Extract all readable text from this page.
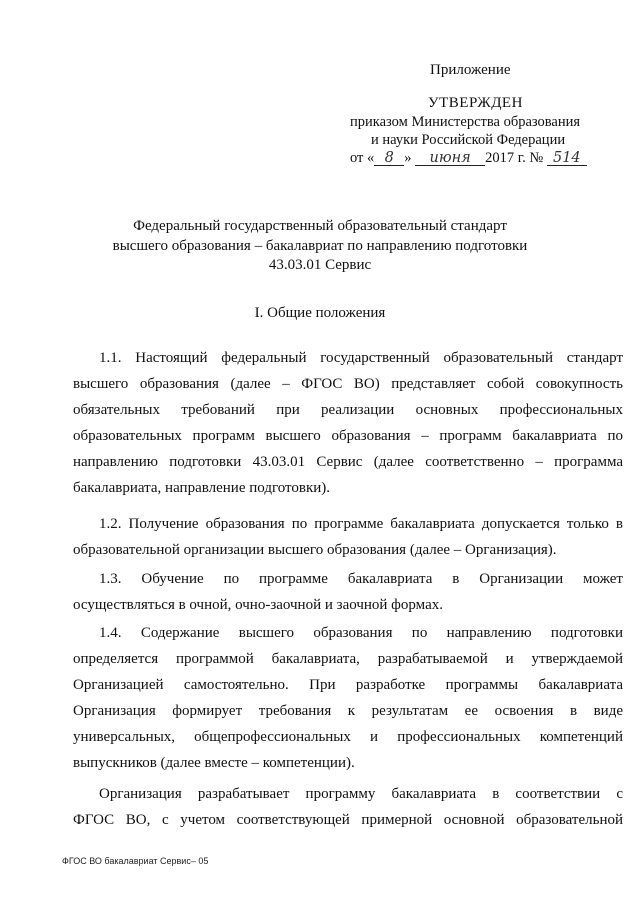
Приложение
УТВЕРЖДЕН
приказом Министерства образования
и науки Российской Федерации
от « 8 » июня 2017 г. № 514
Федеральный государственный образовательный стандарт
высшего образования – бакалавриат по направлению подготовки
43.03.01 Сервис
I. Общие положения
1.1. Настоящий федеральный государственный образовательный стандарт
высшего образования (далее – ФГОС ВО) представляет собой совокупность
обязательных требований при реализации основных профессиональных
образовательных программ высшего образования – программ бакалавриата по
направлению подготовки 43.03.01 Сервис (далее соответственно – программа
бакалавриата, направление подготовки).
1.2. Получение образования по программе бакалавриата допускается только в
образовательной организации высшего образования (далее – Организация).
1.3. Обучение по программе бакалавриата в Организации может
осуществляться в очной, очно-заочной и заочной формах.
1.4. Содержание высшего образования по направлению подготовки
определяется программой бакалавриата, разрабатываемой и утверждаемой
Организацией самостоятельно. При разработке программы бакалавриата
Организация формирует требования к результатам ее освоения в виде
универсальных, общепрофессиональных и профессиональных компетенций
выпускников (далее вместе – компетенции).
Организация разрабатывает программу бакалавриата в соответствии с
ФГОС ВО, с учетом соответствующей примерной основной образовательной
ФГОС ВО бакалавриат Сервис– 05
